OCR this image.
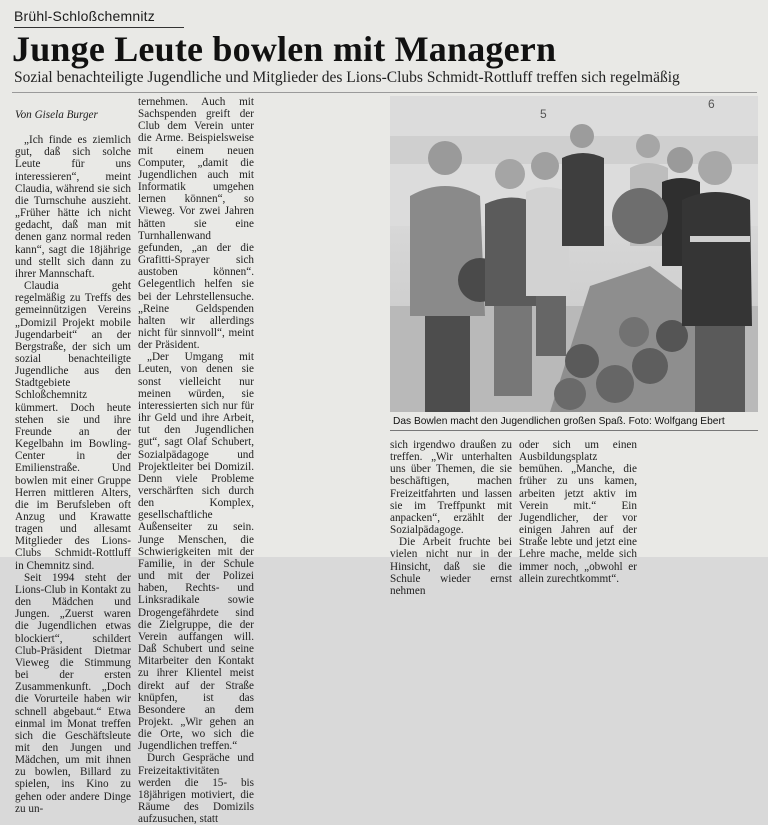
Brühl-Schloßchemnitz
Junge Leute bowlen mit Managern
Sozial benachteiligte Jugendliche und Mitglieder des Lions-Clubs Schmidt-Rottluff treffen sich regelmäßig

Von Gisela Burger

„Ich finde es ziemlich gut, daß sich solche Leute für uns interessieren“, meint Claudia, während sie sich die Turnschuhe auszieht. „Früher hätte ich nicht gedacht, daß man mit denen ganz normal reden kann“, sagt die 18jährige und stellt sich dann zu ihrer Mannschaft.

Claudia geht regelmäßig zu Treffs des gemeinnützigen Vereins „Domizil Projekt mobile Jugendarbeit“ an der Bergstraße, der sich um sozial benachteiligte Jugendliche aus den Stadtgebiete Schloßchemnitz kümmert. Doch heute stehen sie und ihre Freunde an der Kegelbahn im Bowling-Center in der Emilienstraße. Und bowlen mit einer Gruppe Herren mittleren Alters, die im Berufsleben oft Anzug und Krawatte tragen und allesamt Mitglieder des Lions-Clubs Schmidt-Rottluff in Chemnitz sind.

Seit 1994 steht der Lions-Club in Kontakt zu den Mädchen und Jungen. „Zuerst waren die Jugendlichen etwas blockiert“, schildert Club-Präsident Dietmar Vieweg die Stimmung bei der ersten Zusammenkunft. „Doch die Vorurteile haben wir schnell abgebaut.“ Etwa einmal im Monat treffen sich die Geschäftsleute mit den Jungen und Mädchen, um mit ihnen zu bowlen, Billard zu spielen, ins Kino zu gehen oder andere Dinge zu un-

ternehmen. Auch mit Sachspenden greift der Club dem Verein unter die Arme. Beispielsweise mit einem neuen Computer, „damit die Jugendlichen auch mit Informatik umgehen lernen können“, so Vieweg. Vor zwei Jahren hätten sie eine Turnhallenwand gefunden, „an der die Grafitti-Sprayer sich austoben können“. Gelegentlich helfen sie bei der Lehrstellensuche. „Reine Geldspenden halten wir allerdings nicht für sinnvoll“, meint der Präsident.

„Der Umgang mit Leuten, von denen sie sonst vielleicht nur meinen würden, sie interessierten sich nur für ihr Geld und ihre Arbeit, tut den Jugendlichen gut“, sagt Olaf Schubert, Sozialpädagoge und Projektleiter bei Domizil. Denn viele Probleme verschärften sich durch den Komplex, gesellschaftliche Außenseiter zu sein. Junge Menschen, die Schwierigkeiten mit der Familie, in der Schule und mit der Polizei haben, Rechts- und Linksradikale sowie Drogengefährdete sind die Zielgruppe, die der Verein auffangen will. Daß Schubert und seine Mitarbeiter den Kontakt zu ihrer Klientel meist direkt auf der Straße knüpfen, ist das Besondere an dem Projekt. „Wir gehen an die Orte, wo sich die Jugendlichen treffen.“

Durch Gespräche und Freizeitaktivitäten werden die 15- bis 18jährigen motiviert, die Räume des Domizils aufzusuchen, statt

5
6
Das Bowlen macht den Jugendlichen großen Spaß. Foto: Wolfgang Ebert

sich irgendwo draußen zu treffen. „Wir unterhalten uns über Themen, die sie beschäftigen, machen Freizeitfahrten und lassen sie im Treffpunkt mit anpacken“, erzählt der Sozialpädagoge.

Die Arbeit fruchte bei vielen nicht nur in der Hinsicht, daß sie die Schule wieder ernst nehmen

oder sich um einen Ausbildungsplatz bemühen. „Manche, die früher zu uns kamen, arbeiten jetzt aktiv im Verein mit.“ Ein Jugendlicher, der vor einigen Jahren auf der Straße lebte und jetzt eine Lehre mache, melde sich immer noch, „obwohl er allein zurechtkommt“.
